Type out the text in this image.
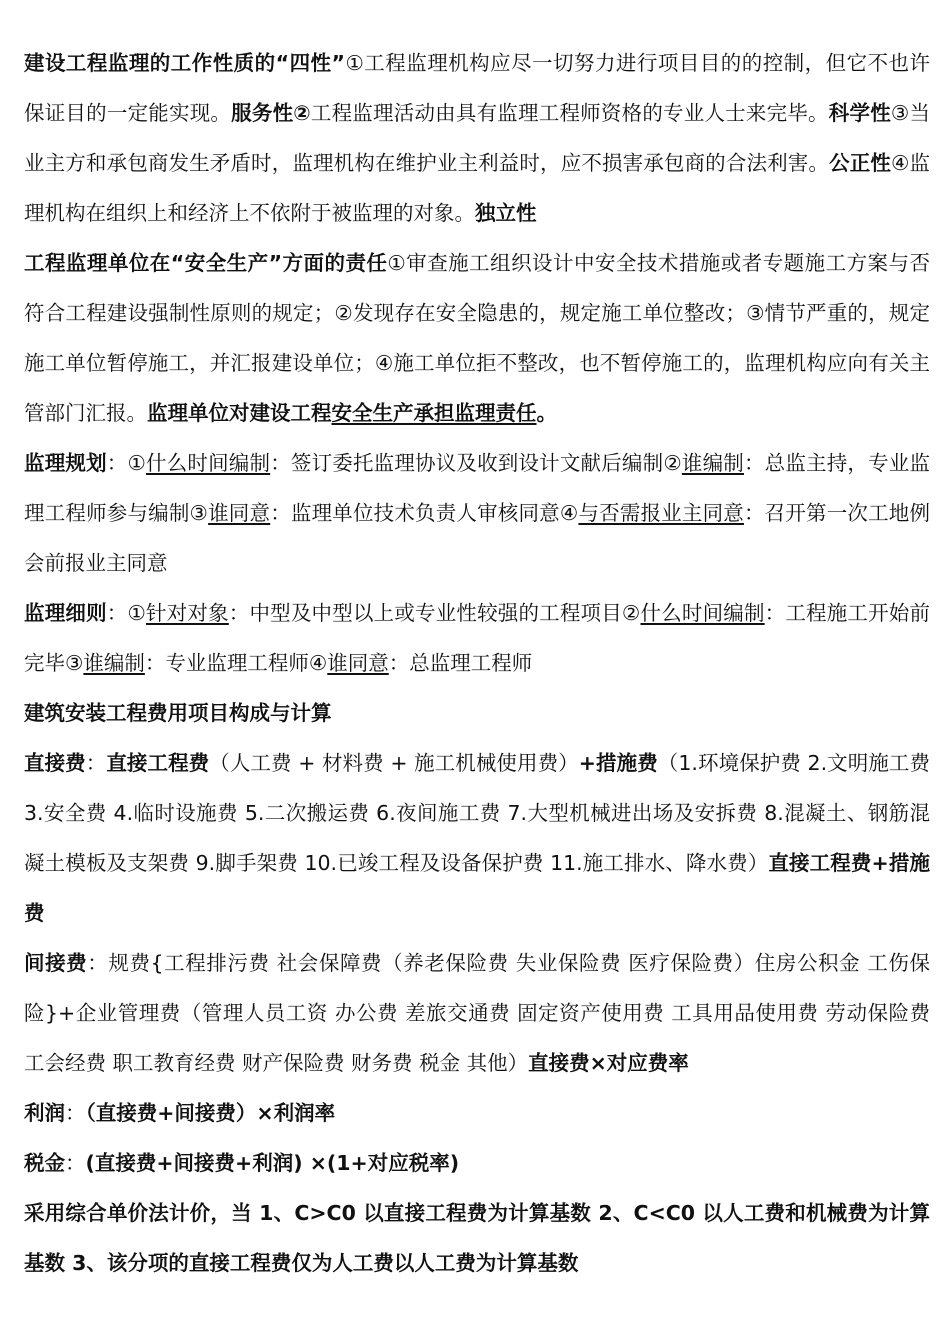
建设工程监理的工作性质的“四性”①工程监理机构应尽一切努力进行项目目的的控制，但它不也许保证目的一定能实现。服务性②工程监理活动由具有监理工程师资格的专业人士来完毕。科学性③当业主方和承包商发生矛盾时，监理机构在维护业主利益时，应不损害承包商的合法利害。公正性④监理机构在组织上和经济上不依附于被监理的对象。独立性

工程监理单位在“安全生产”方面的责任①审查施工组织设计中安全技术措施或者专题施工方案与否符合工程建设强制性原则的规定；②发现存在安全隐患的，规定施工单位整改；③情节严重的，规定施工单位暂停施工，并汇报建设单位；④施工单位拒不整改，也不暂停施工的，监理机构应向有关主管部门汇报。监理单位对建设工程安全生产承担监理责任。

监理规划：①什么时间编制：签订委托监理协议及收到设计文献后编制②谁编制：总监主持，专业监理工程师参与编制③谁同意：监理单位技术负责人审核同意④与否需报业主同意：召开第一次工地例会前报业主同意

监理细则：①针对对象：中型及中型以上或专业性较强的工程项目②什么时间编制：工程施工开始前完毕③谁编制：专业监理工程师④谁同意：总监理工程师

建筑安装工程费用项目构成与计算

直接费：直接工程费（人工费 + 材料费 + 施工机械使用费）+措施费（1.环境保护费 2.文明施工费 3.安全费 4.临时设施费 5.二次搬运费 6.夜间施工费 7.大型机械进出场及安拆费 8.混凝土、钢筋混凝土模板及支架费 9.脚手架费 10.已竣工程及设备保护费 11.施工排水、降水费）直接工程费+措施费

间接费：规费{工程排污费 社会保障费（养老保险费 失业保险费 医疗保险费）住房公积金 工伤保险}+企业管理费（管理人员工资 办公费 差旅交通费 固定资产使用费 工具用品使用费 劳动保险费 工会经费 职工教育经费 财产保险费 财务费 税金 其他）直接费×对应费率

利润：（直接费+间接费）×利润率

税金：(直接费+间接费+利润) ×(1+对应税率)

采用综合单价法计价，当 1、C>C0 以直接工程费为计算基数 2、C<C0 以人工费和机械费为计算基数 3、该分项的直接工程费仅为人工费以人工费为计算基数
